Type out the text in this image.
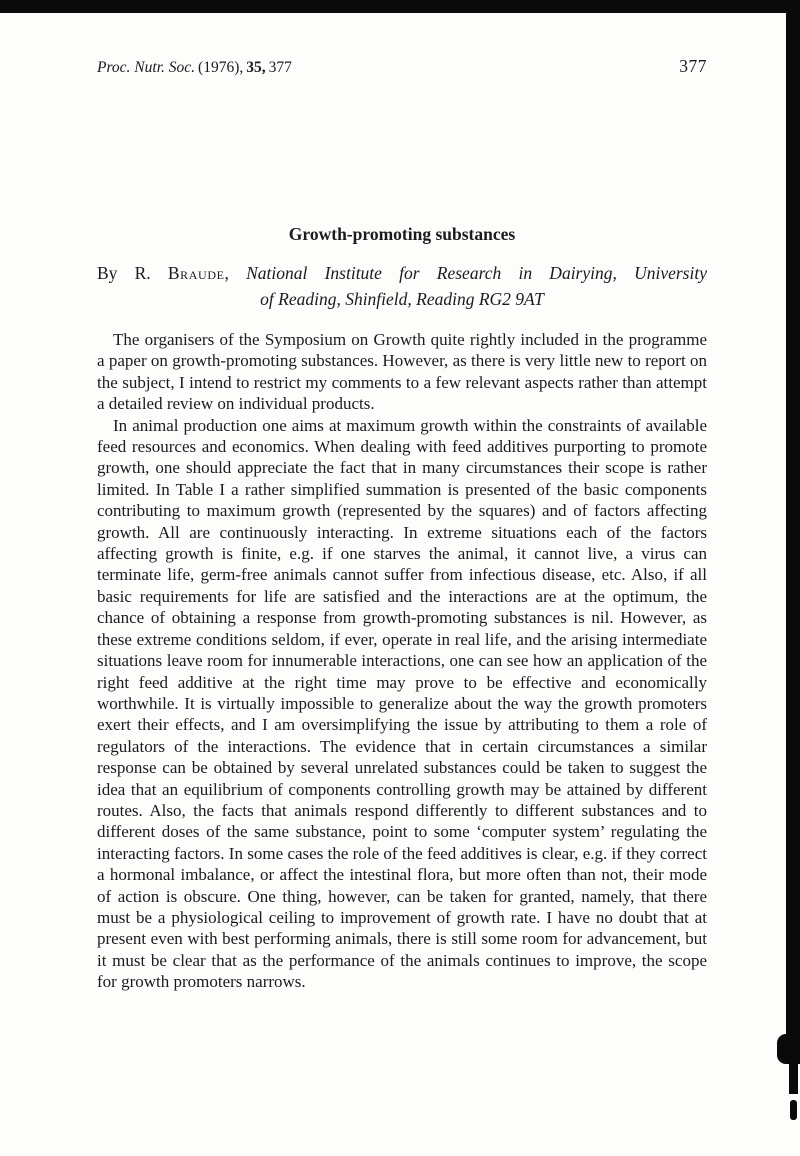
Proc. Nutr. Soc. (1976), 35, 377	377
Growth-promoting substances
By R. Braude, National Institute for Research in Dairying, University
of Reading, Shinfield, Reading RG2 9AT

The organisers of the Symposium on Growth quite rightly included in the programme a paper on growth-promoting substances. However, as there is very little new to report on the subject, I intend to restrict my comments to a few relevant aspects rather than attempt a detailed review on individual products.

In animal production one aims at maximum growth within the constraints of available feed resources and economics. When dealing with feed additives purporting to promote growth, one should appreciate the fact that in many circumstances their scope is rather limited. In Table I a rather simplified summation is presented of the basic components contributing to maximum growth (represented by the squares) and of factors affecting growth. All are continuously interacting. In extreme situations each of the factors affecting growth is finite, e.g. if one starves the animal, it cannot live, a virus can terminate life, germ-free animals cannot suffer from infectious disease, etc. Also, if all basic requirements for life are satisfied and the interactions are at the optimum, the chance of obtaining a response from growth-promoting substances is nil. However, as these extreme conditions seldom, if ever, operate in real life, and the arising intermediate situations leave room for innumerable interactions, one can see how an application of the right feed additive at the right time may prove to be effective and economically worthwhile. It is virtually impossible to generalize about the way the growth promoters exert their effects, and I am oversimplifying the issue by attributing to them a role of regulators of the interactions. The evidence that in certain circumstances a similar response can be obtained by several unrelated substances could be taken to suggest the idea that an equilibrium of components controlling growth may be attained by different routes. Also, the facts that animals respond differently to different substances and to different doses of the same substance, point to some ‘computer system’ regulating the interacting factors. In some cases the role of the feed additives is clear, e.g. if they correct a hormonal imbalance, or affect the intestinal flora, but more often than not, their mode of action is obscure. One thing, however, can be taken for granted, namely, that there must be a physiological ceiling to improvement of growth rate. I have no doubt that at present even with best performing animals, there is still some room for advancement, but it must be clear that as the performance of the animals continues to improve, the scope for growth promoters narrows.
